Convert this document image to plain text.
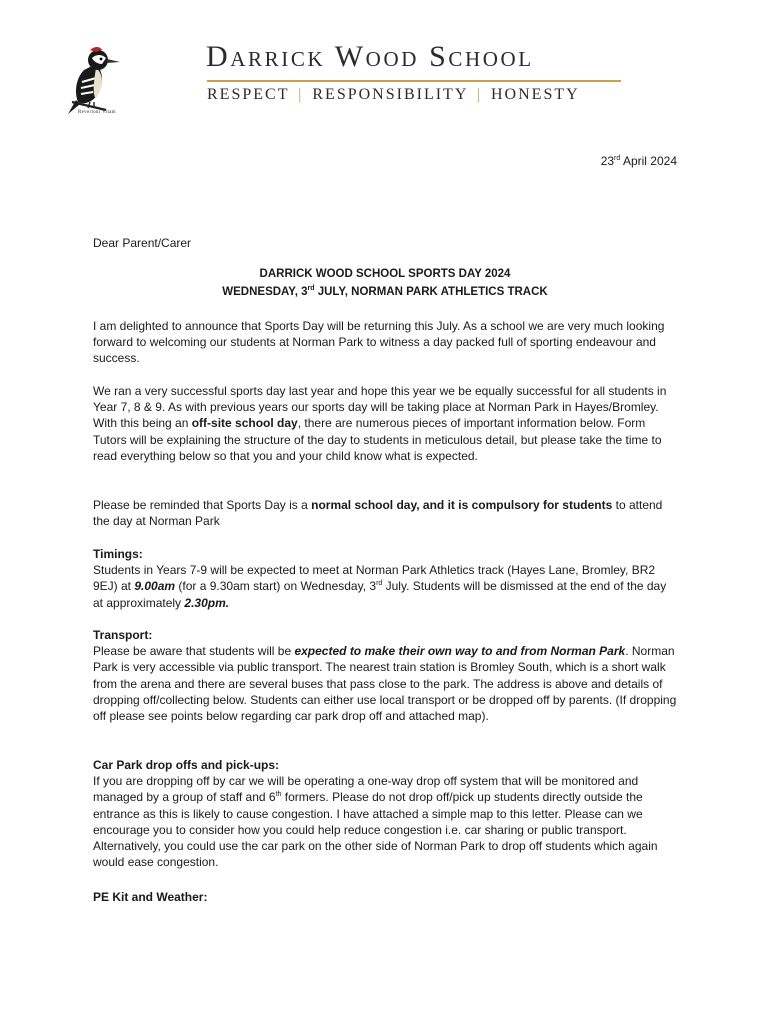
Reveriour Vitam
Darrick Wood School
RESPECT | RESPONSIBILITY | HONESTY
23rd April 2024
Dear Parent/Carer
DARRICK WOOD SCHOOL SPORTS DAY 2024
WEDNESDAY, 3rd JULY, NORMAN PARK ATHLETICS TRACK
I am delighted to announce that Sports Day will be returning this July. As a school we are very much looking forward to welcoming our students at Norman Park to witness a day packed full of sporting endeavour and success.
We ran a very successful sports day last year and hope this year we be equally successful for all students in Year 7, 8 & 9. As with previous years our sports day will be taking place at Norman Park in Hayes/Bromley. With this being an off-site school day, there are numerous pieces of important information below. Form Tutors will be explaining the structure of the day to students in meticulous detail, but please take the time to read everything below so that you and your child know what is expected.
Please be reminded that Sports Day is a normal school day, and it is compulsory for students to attend the day at Norman Park
Timings:
Students in Years 7-9 will be expected to meet at Norman Park Athletics track (Hayes Lane, Bromley, BR2 9EJ) at 9.00am (for a 9.30am start) on Wednesday, 3rd July. Students will be dismissed at the end of the day at approximately 2.30pm.
Transport:
Please be aware that students will be expected to make their own way to and from Norman Park. Norman Park is very accessible via public transport. The nearest train station is Bromley South, which is a short walk from the arena and there are several buses that pass close to the park. The address is above and details of dropping off/collecting below. Students can either use local transport or be dropped off by parents. (If dropping off please see points below regarding car park drop off and attached map).
Car Park drop offs and pick-ups:
If you are dropping off by car we will be operating a one-way drop off system that will be monitored and managed by a group of staff and 6th formers. Please do not drop off/pick up students directly outside the entrance as this is likely to cause congestion. I have attached a simple map to this letter. Please can we encourage you to consider how you could help reduce congestion i.e. car sharing or public transport. Alternatively, you could use the car park on the other side of Norman Park to drop off students which again would ease congestion.
PE Kit and Weather:
